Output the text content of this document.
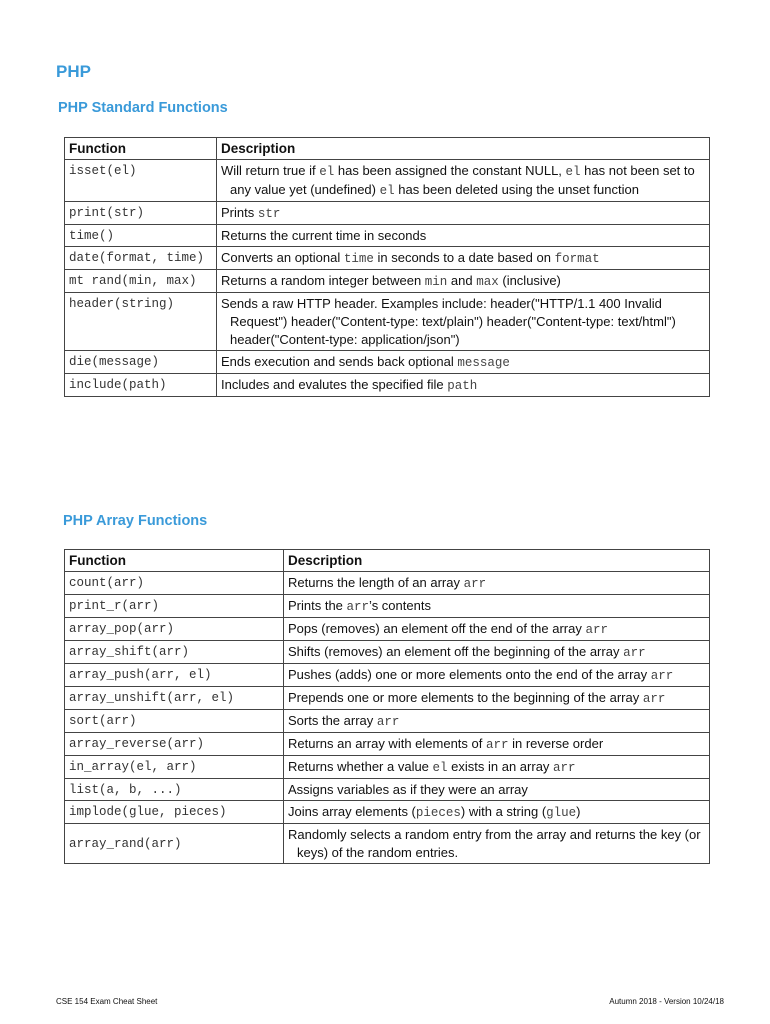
PHP
PHP Standard Functions
Function	Description
isset(el)	Will return true if el has been assigned the constant NULL, el has not been set to any value yet (undefined) el has been deleted using the unset function
print(str)	Prints str
time()	Returns the current time in seconds
date(format, time)	Converts an optional time in seconds to a date based on format
mt rand(min, max)	Returns a random integer between min and max (inclusive)
header(string)	Sends a raw HTTP header. Examples include: header("HTTP/1.1 400 Invalid Request") header("Content-type: text/plain") header("Content-type: text/html") header("Content-type: application/json")
die(message)	Ends execution and sends back optional message
include(path)	Includes and evalutes the specified file path
PHP Array Functions
Function	Description
count(arr)	Returns the length of an array arr
print_r(arr)	Prints the arr’s contents
array_pop(arr)	Pops (removes) an element off the end of the array arr
array_shift(arr)	Shifts (removes) an element off the beginning of the array arr
array_push(arr, el)	Pushes (adds) one or more elements onto the end of the array arr
array_unshift(arr, el)	Prepends one or more elements to the beginning of the array arr
sort(arr)	Sorts the array arr
array_reverse(arr)	Returns an array with elements of arr in reverse order
in_array(el, arr)	Returns whether a value el exists in an array arr
list(a, b, ...)	Assigns variables as if they were an array
implode(glue, pieces)	Joins array elements (pieces) with a string (glue)
array_rand(arr)	Randomly selects a random entry from the array and returns the key (or keys) of the random entries.
CSE 154 Exam Cheat Sheet	Autumn 2018 - Version 10/24/18
